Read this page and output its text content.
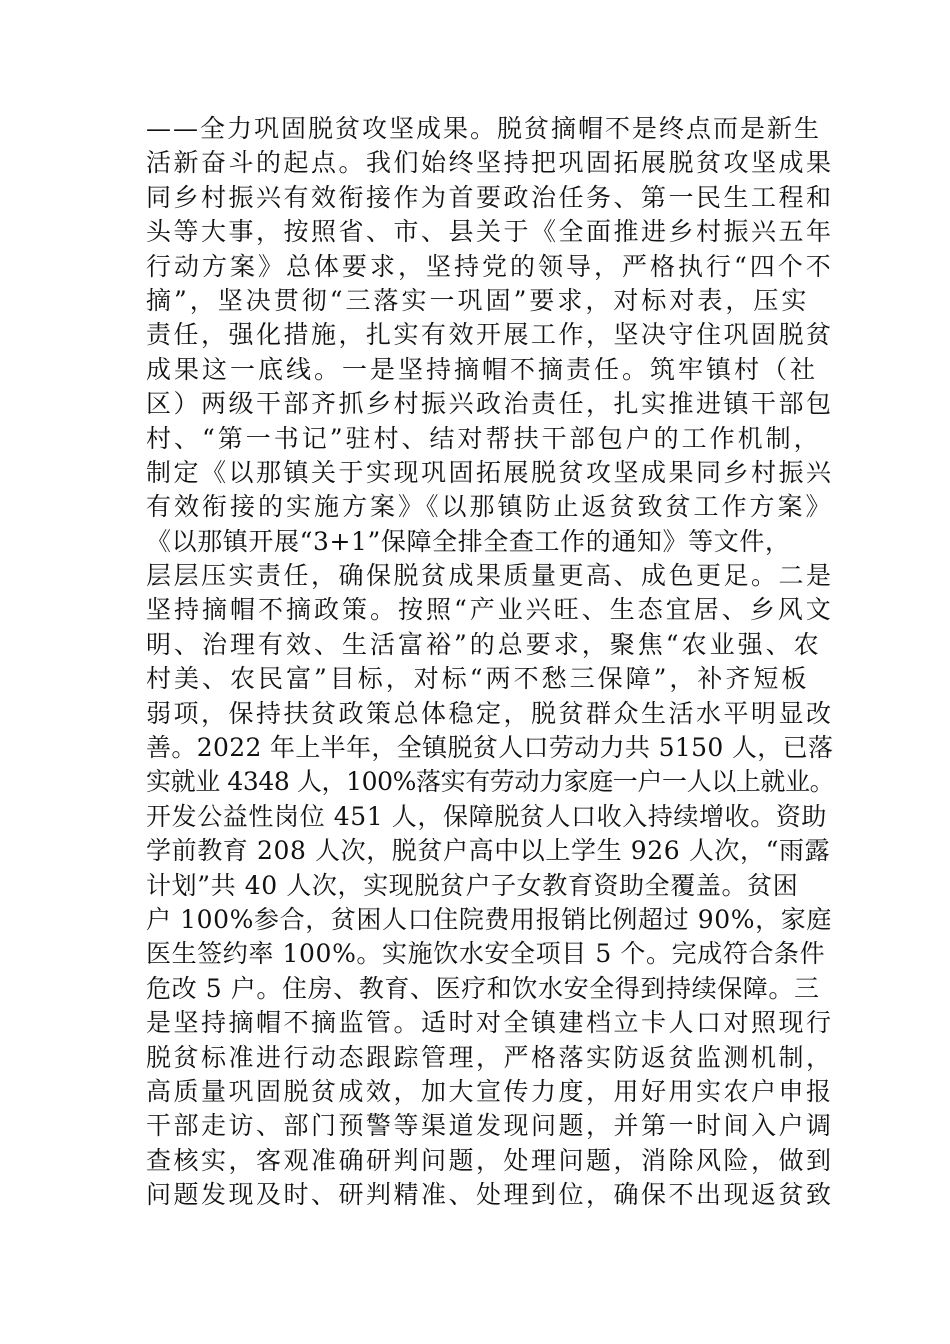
——全力巩固脱贫攻坚成果。脱贫摘帽不是终点而是新生
活新奋斗的起点。我们始终坚持把巩固拓展脱贫攻坚成果
同乡村振兴有效衔接作为首要政治任务、第一民生工程和
头等大事，按照省、市、县关于《全面推进乡村振兴五年
行动方案》总体要求，坚持党的领导，严格执行“四个不
摘”，坚决贯彻“三落实一巩固”要求，对标对表，压实
责任，强化措施，扎实有效开展工作，坚决守住巩固脱贫
成果这一底线。一是坚持摘帽不摘责任。筑牢镇村（社
区）两级干部齐抓乡村振兴政治责任，扎实推进镇干部包
村、“第一书记”驻村、结对帮扶干部包户的工作机制，
制定《以那镇关于实现巩固拓展脱贫攻坚成果同乡村振兴
有效衔接的实施方案》《以那镇防止返贫致贫工作方案》
《以那镇开展“3+1”保障全排全查工作的通知》等文件，
层层压实责任，确保脱贫成果质量更高、成色更足。二是
坚持摘帽不摘政策。按照“产业兴旺、生态宜居、乡风文
明、治理有效、生活富裕”的总要求，聚焦“农业强、农
村美、农民富”目标，对标“两不愁三保障”，补齐短板
弱项，保持扶贫政策总体稳定，脱贫群众生活水平明显改
善。2022 年上半年，全镇脱贫人口劳动力共 5150 人，已落
实就业 4348 人，100%落实有劳动力家庭一户一人以上就业。
开发公益性岗位 451 人，保障脱贫人口收入持续增收。资助
学前教育 208 人次，脱贫户高中以上学生 926 人次，“雨露
计划”共 40 人次，实现脱贫户子女教育资助全覆盖。贫困
户 100%参合，贫困人口住院费用报销比例超过 90%，家庭
医生签约率 100%。实施饮水安全项目 5 个。完成符合条件
危改 5 户。住房、教育、医疗和饮水安全得到持续保障。三
是坚持摘帽不摘监管。适时对全镇建档立卡人口对照现行
脱贫标准进行动态跟踪管理，严格落实防返贫监测机制，
高质量巩固脱贫成效，加大宣传力度，用好用实农户申报
干部走访、部门预警等渠道发现问题，并第一时间入户调
查核实，客观准确研判问题，处理问题，消除风险，做到
问题发现及时、研判精准、处理到位，确保不出现返贫致
